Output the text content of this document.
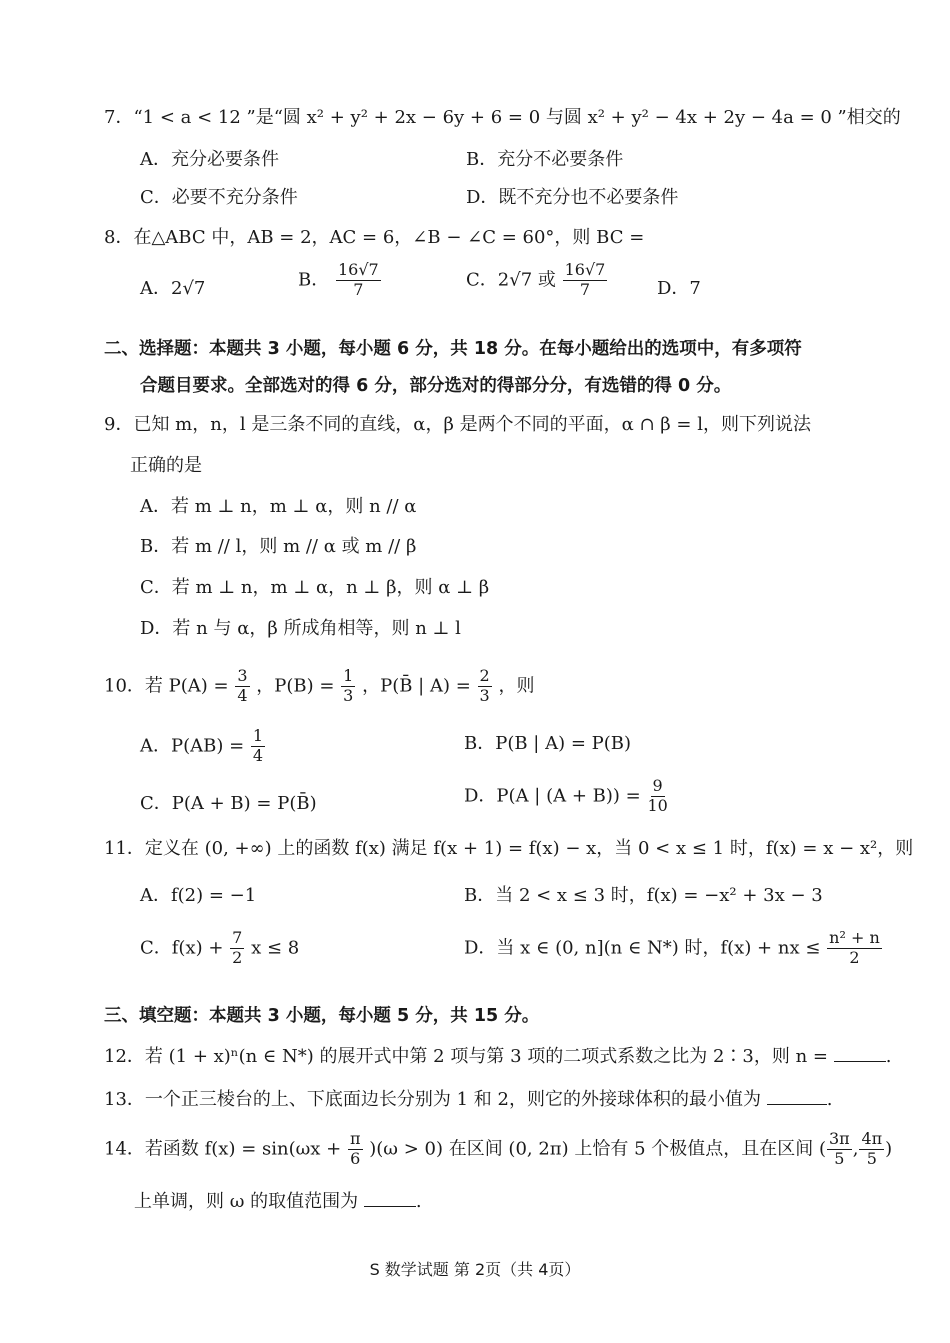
7．“1 < a < 12 ”是“圆 x² + y² + 2x − 6y + 6 = 0 与圆 x² + y² − 4x + 2y − 4a = 0 ”相交的
A．充分必要条件	B．充分不必要条件
C．必要不充分条件	D．既不充分也不必要条件
8．在△ABC 中，AB = 2，AC = 6，∠B − ∠C = 60°，则 BC =
A．2√7	B． $\frac{16√7}{7}$	C．2√7 或 $\frac{16√7}{7}$	D．7
二、选择题：本题共 3 小题，每小题 6 分，共 18 分。在每小题给出的选项中，有多项符
合题目要求。全部选对的得 6 分，部分选对的得部分分，有选错的得 0 分。
9．已知 m，n，l 是三条不同的直线，α，β 是两个不同的平面，α ∩ β = l，则下列说法
正确的是
A．若 m ⊥ n，m ⊥ α，则 n // α
B．若 m // l，则 m // α 或 m // β
C．若 m ⊥ n，m ⊥ α，n ⊥ β，则 α ⊥ β
D．若 n 与 α，β 所成角相等，则 n ⊥ l
10．若 $P(A) = \frac{3}{4}$ ，$P(B) = \frac{1}{3}$ ，P(B̄ | $A) = \frac{2}{3}$ ，则
A．$P(AB) = \frac{1}{4}$	B．P(B | A) = P(B)
C．P(A + B) = P(B̄)	D．P(A | $(A + B)) = \frac{9}{10}$
11．定义在 (0, +∞) 上的函数 f(x) 满足 f(x + 1) = f(x) − x，当 0 < x ≤ 1 时，f(x) = x − x²，则
A．f(2) = −1	B．当 2 < x ≤ 3 时，f(x) = −x² + 3x − 3
C．$f(x) + \frac{7}{2}$ x ≤ 8	D．当 x ∈ (0, n](n ∈ N*) 时，f(x) + nx ≤ $\frac{\text{n² + n}}{2}$
三、填空题：本题共 3 小题，每小题 5 分，共 15 分。
12．若 (1 + x)ⁿ(n ∈ N*) 的展开式中第 2 项与第 3 项的二项式系数之比为 2∶3，则 n =	.
13．一个正三棱台的上、下底面边长分别为 1 和 2，则它的外接球体积的最小值为	.
14．若函数 $f(x) = \sin(\omega x + \frac{\pi}{6} )(\omega > 0)$ 在区间 (0, 2π) 上恰有 5 个极值点，且在区间 ( $\frac{3\pi}{5}$ , $\frac{4\pi}{5}$ )
上单调，则 ω 的取值范围为	.
S 数学试题 第 2页（共 4页）
